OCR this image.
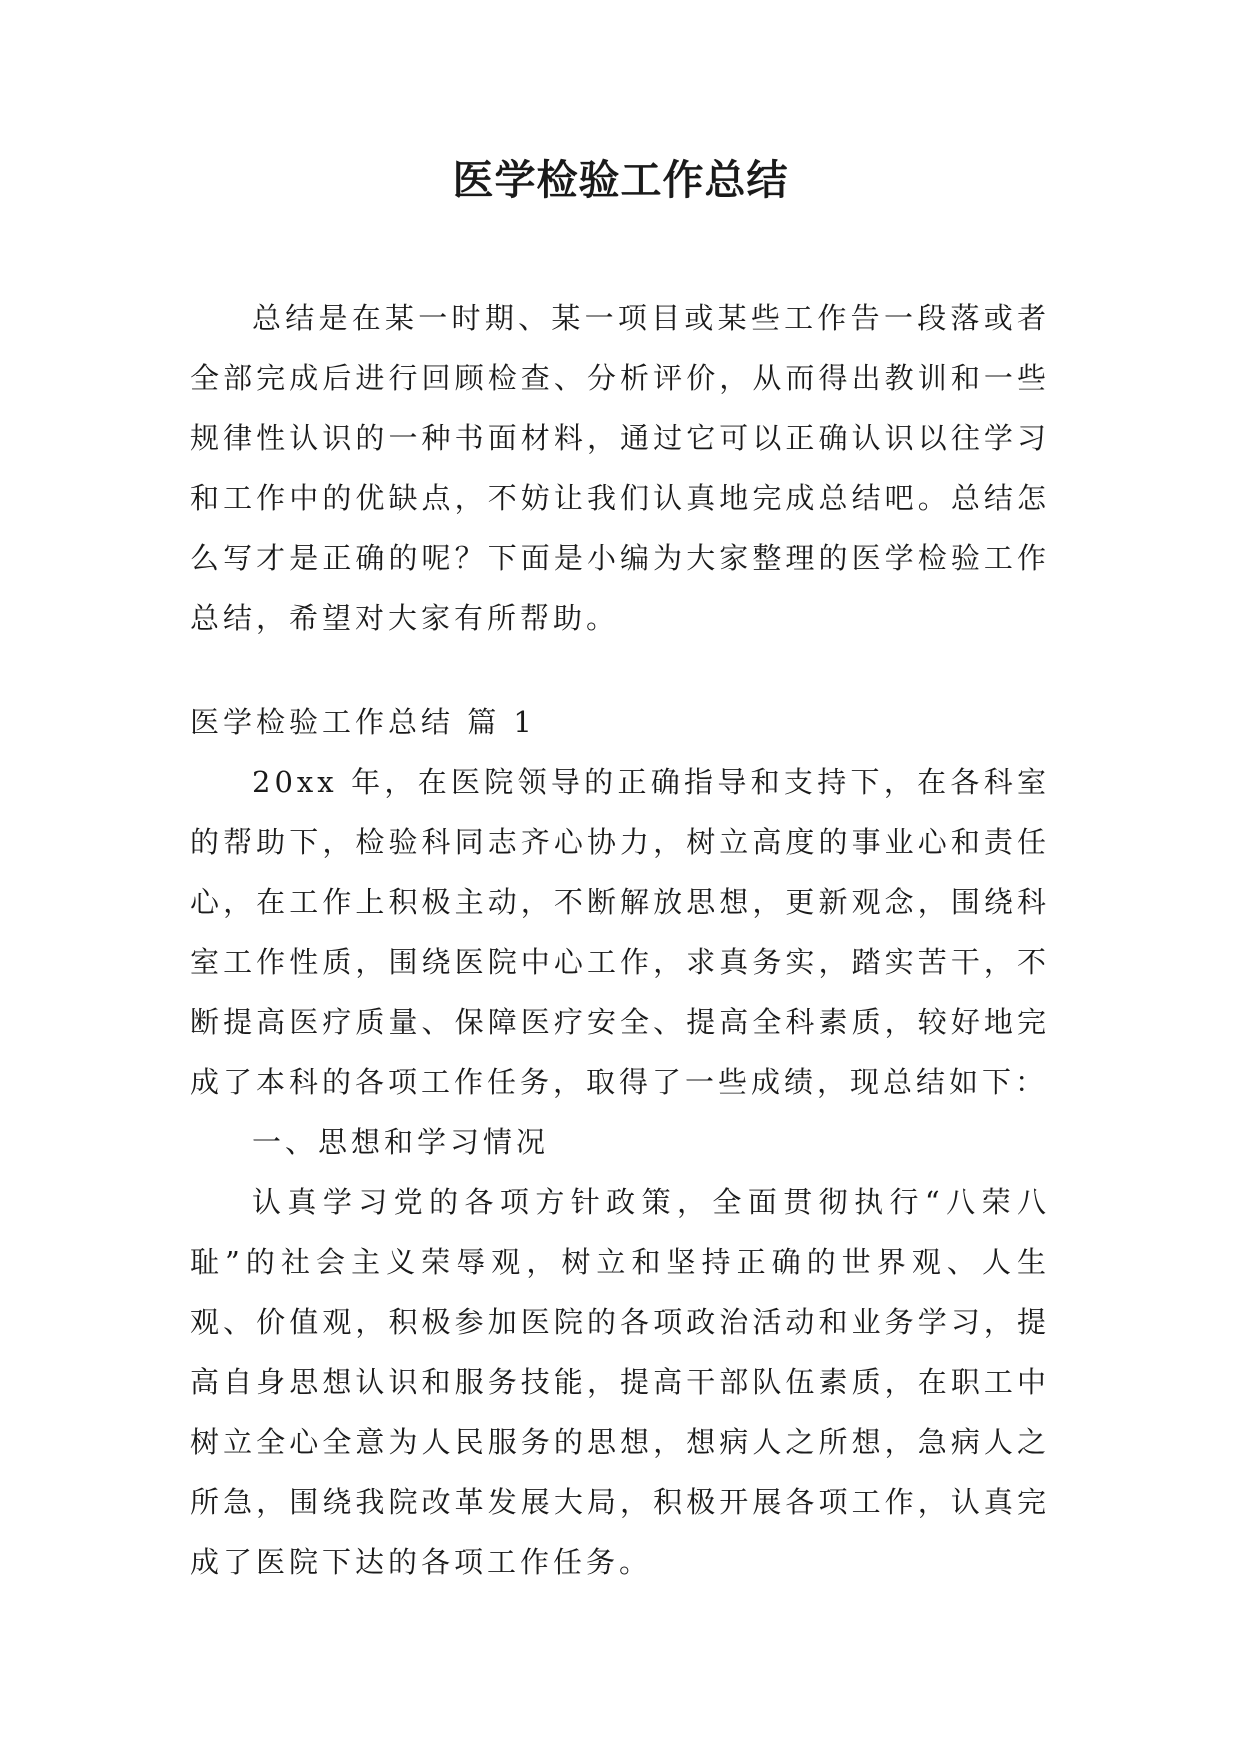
医学检验工作总结

总结是在某一时期、某一项目或某些工作告一段落或者全部完成后进行回顾检查、分析评价，从而得出教训和一些规律性认识的一种书面材料，通过它可以正确认识以往学习和工作中的优缺点，不妨让我们认真地完成总结吧。总结怎么写才是正确的呢？下面是小编为大家整理的医学检验工作总结，希望对大家有所帮助。

医学检验工作总结 篇 1

20xx 年，在医院领导的正确指导和支持下，在各科室的帮助下，检验科同志齐心协力，树立高度的事业心和责任心，在工作上积极主动，不断解放思想，更新观念，围绕科室工作性质，围绕医院中心工作，求真务实，踏实苦干，不断提高医疗质量、保障医疗安全、提高全科素质，较好地完成了本科的各项工作任务，取得了一些成绩，现总结如下：

一、思想和学习情况

认真学习党的各项方针政策，全面贯彻执行“八荣八耻”的社会主义荣辱观，树立和坚持正确的世界观、人生观、价值观，积极参加医院的各项政治活动和业务学习，提高自身思想认识和服务技能，提高干部队伍素质，在职工中树立全心全意为人民服务的思想，想病人之所想，急病人之所急，围绕我院改革发展大局，积极开展各项工作，认真完成了医院下达的各项工作任务。
